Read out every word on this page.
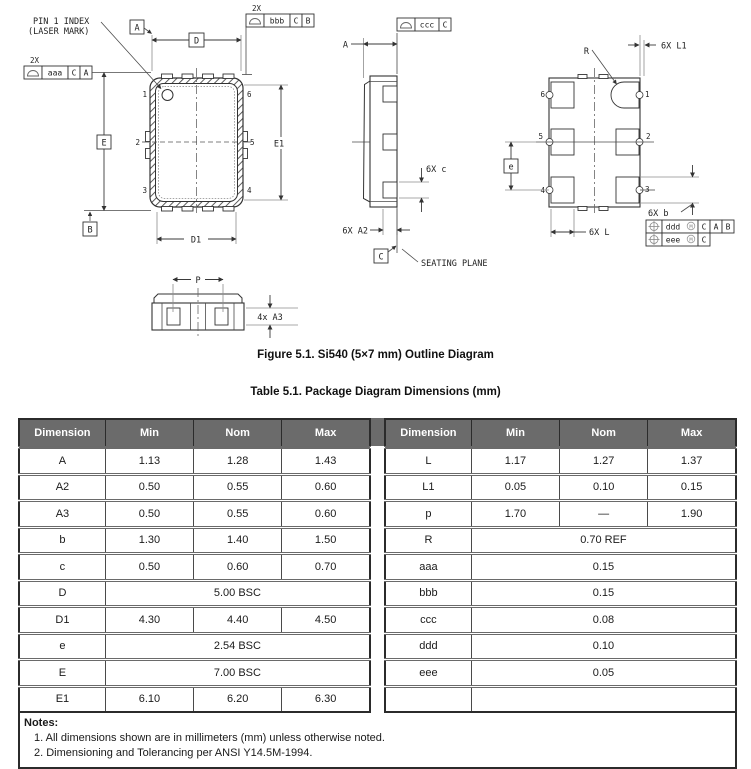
1
2
3
6
5
4
D
A
PIN 1 INDEX
(LASER MARK)
2X
aaa C A
E
B
E1
D1
2X
bbb C B
A
ccc C
6X c
6X A2
C
SEATING PLANE
6
5
4
1
2
3
R
6X L1
e
6X b
6X L
ddd M C A B
eee M C
P
4x A3
Figure 5.1. Si540 (5×7 mm) Outline Diagram
Table 5.1. Package Diagram Dimensions (mm)
Dimension	Min	Nom	Max
A	1.13	1.28	1.43
A2	0.50	0.55	0.60
A3	0.50	0.55	0.60
b	1.30	1.40	1.50
c	0.50	0.60	0.70
D	5.00 BSC		
D1	4.30	4.40	4.50
e	2.54 BSC		
E	7.00 BSC		
E1	6.10	6.20	6.30
Dimension	Min	Nom	Max
L	1.17	1.27	1.37
L1	0.05	0.10	0.15
p	1.70	—	1.90
R	0.70 REF		
aaa	0.15		
bbb	0.15		
ccc	0.08		
ddd	0.10		
eee	0.05		

Notes:
1. All dimensions shown are in millimeters (mm) unless otherwise noted.
2. Dimensioning and Tolerancing per ANSI Y14.5M-1994.
